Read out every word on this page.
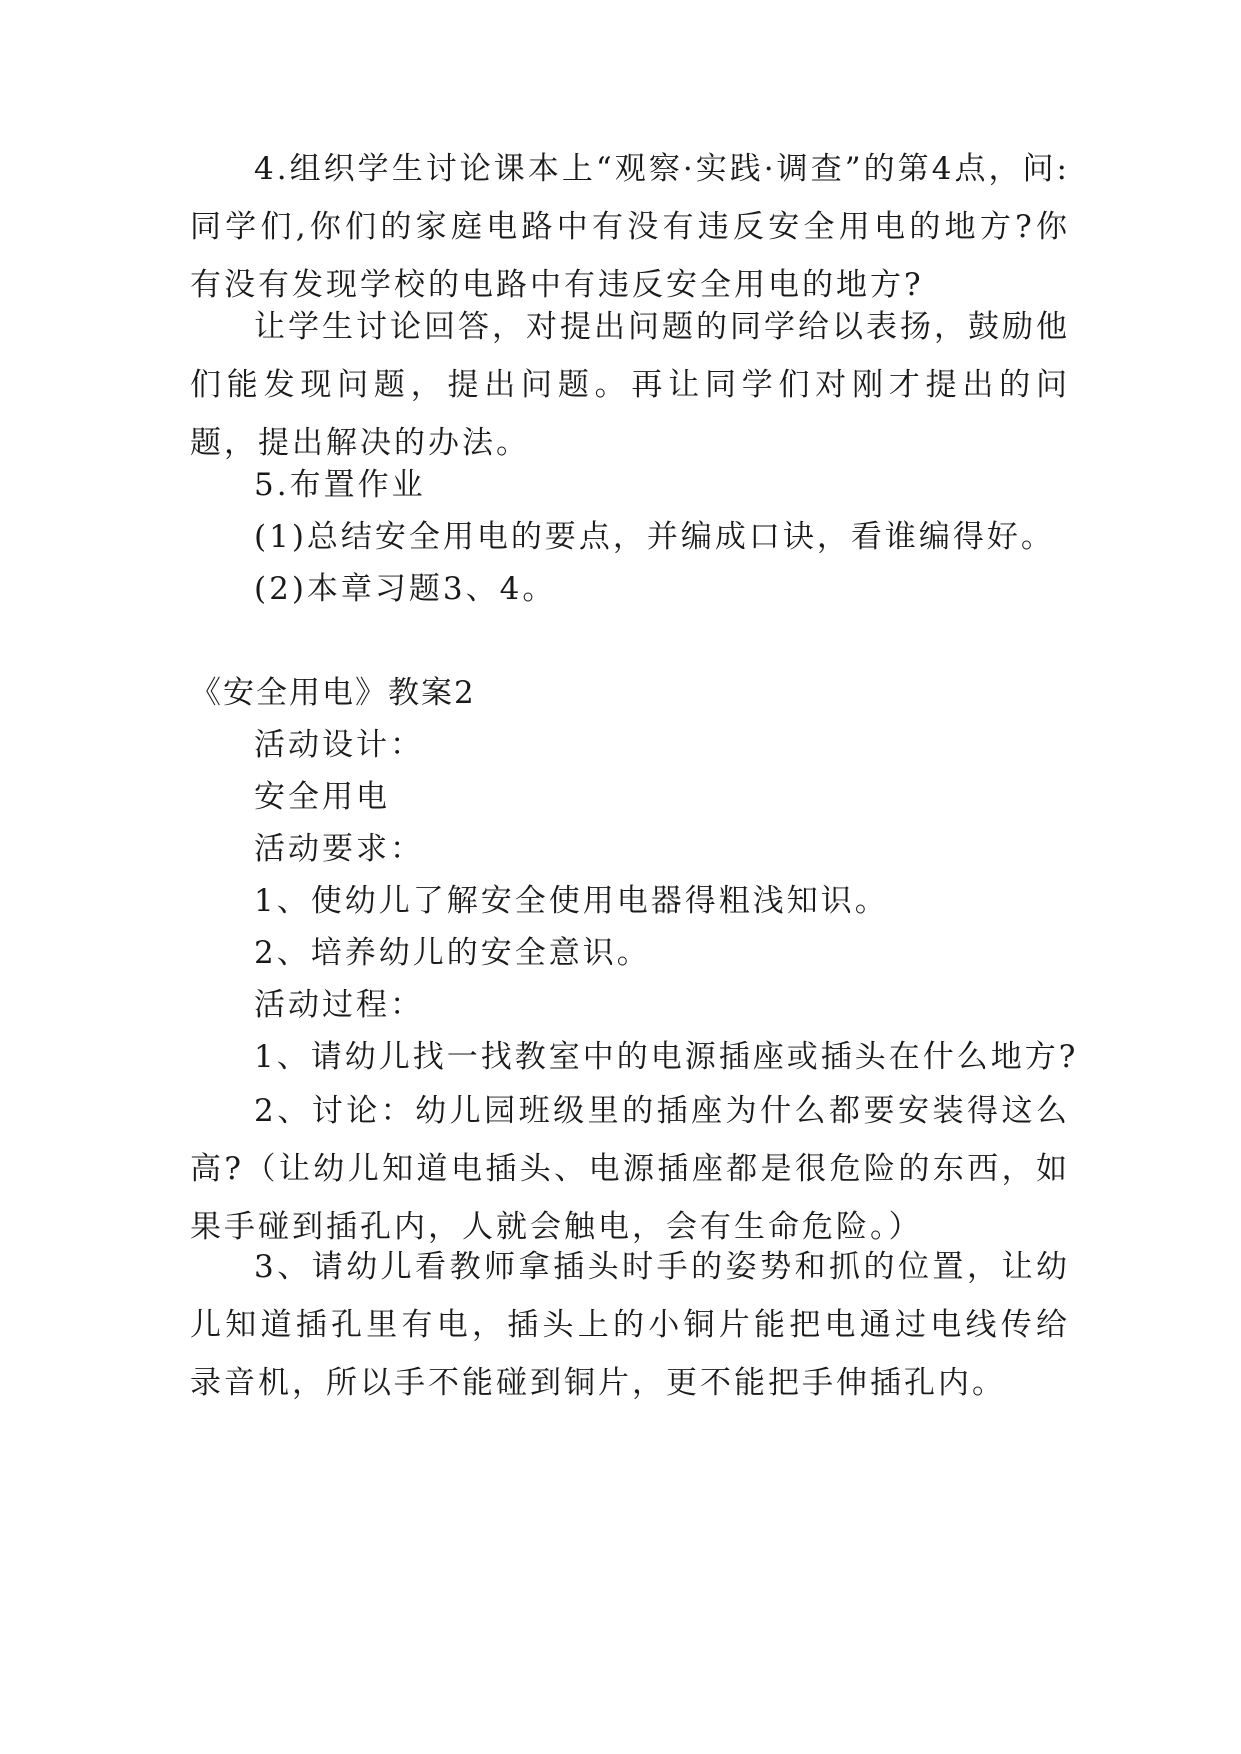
4.组织学生讨论课本上“观察·实践·调查”的第4点，问:同学们,你们的家庭电路中有没有违反安全用电的地方?你有没有发现学校的电路中有违反安全用电的地方?

让学生讨论回答，对提出问题的同学给以表扬，鼓励他们能发现问题，提出问题。再让同学们对刚才提出的问题，提出解决的办法。

5.布置作业

(1)总结安全用电的要点，并编成口诀，看谁编得好。

(2)本章习题3、4。

《安全用电》教案2

活动设计：

安全用电

活动要求：

1、使幼儿了解安全使用电器得粗浅知识。

2、培养幼儿的安全意识。

活动过程：

1、请幼儿找一找教室中的电源插座或插头在什么地方?

2、讨论：幼儿园班级里的插座为什么都要安装得这么高?（让幼儿知道电插头、电源插座都是很危险的东西，如果手碰到插孔内，人就会触电，会有生命危险。）

3、请幼儿看教师拿插头时手的姿势和抓的位置，让幼儿知道插孔里有电，插头上的小铜片能把电通过电线传给录音机，所以手不能碰到铜片，更不能把手伸插孔内。
